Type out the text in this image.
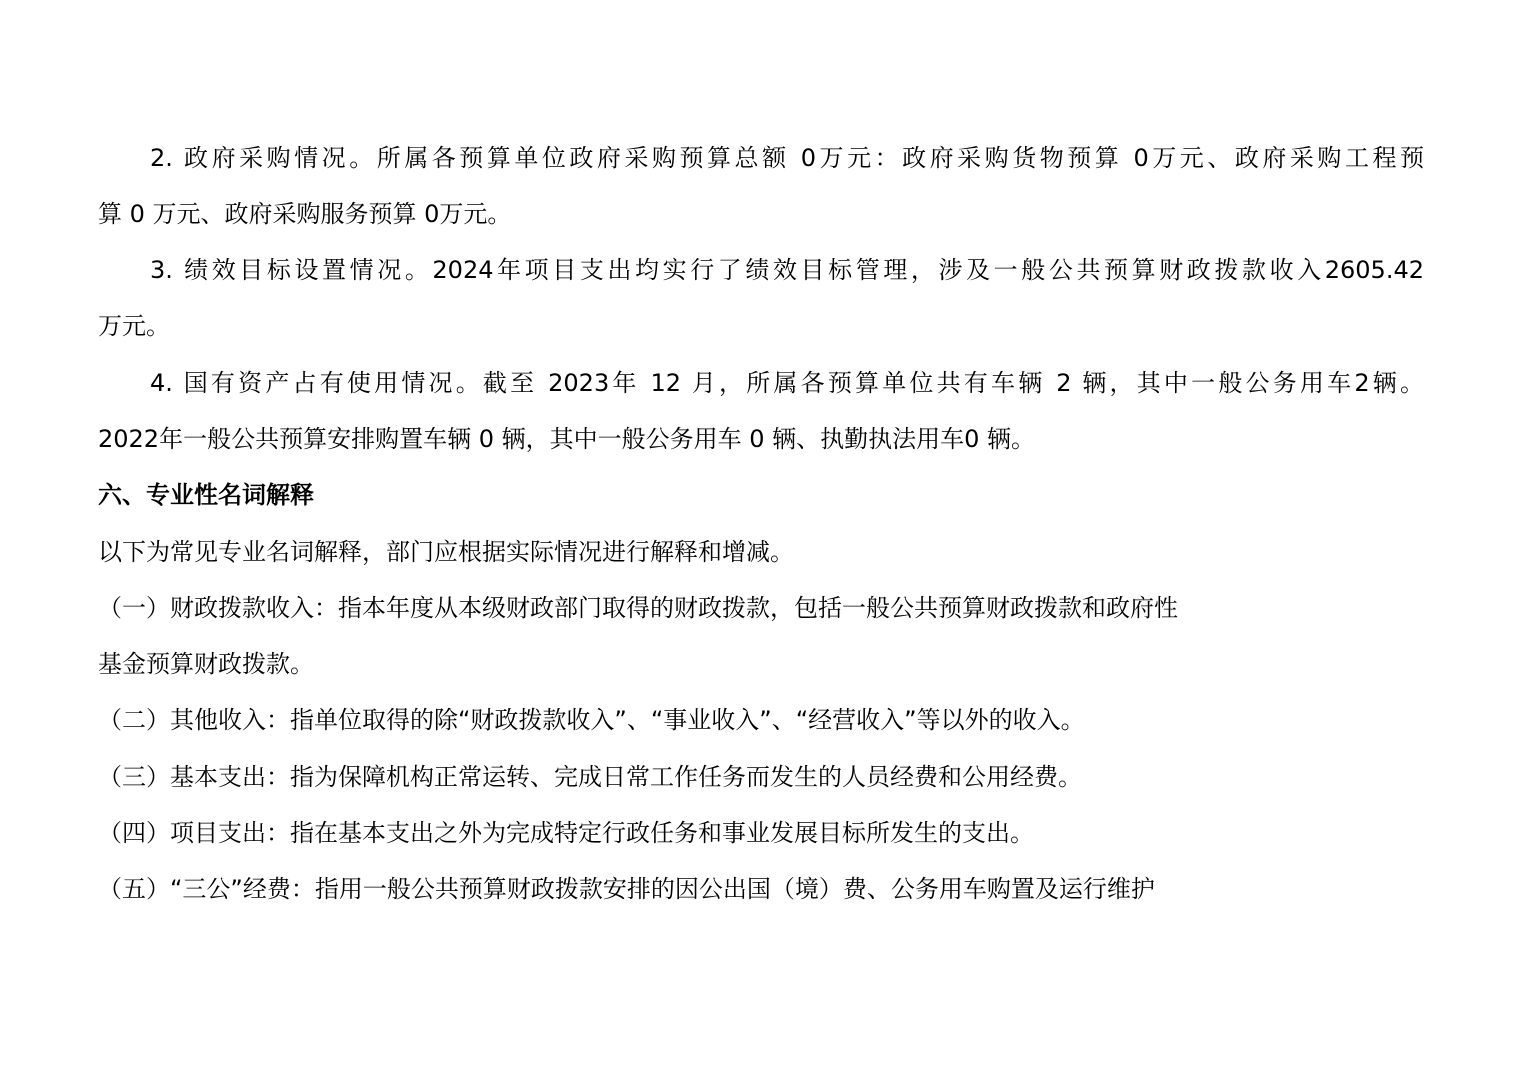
2. 政府采购情况。所属各预算单位政府采购预算总额 0万元：政府采购货物预算 0万元、政府采购工程预
算 0 万元、政府采购服务预算 0万元。
3. 绩效目标设置情况。2024年项目支出均实行了绩效目标管理，涉及一般公共预算财政拨款收入2605.42
万元。
4. 国有资产占有使用情况。截至 2023年 12 月，所属各预算单位共有车辆 2 辆，其中一般公务用车2辆。
2022年一般公共预算安排购置车辆 0 辆，其中一般公务用车 0 辆、执勤执法用车0 辆。
六、专业性名词解释
以下为常见专业名词解释，部门应根据实际情况进行解释和增减。
（一）财政拨款收入：指本年度从本级财政部门取得的财政拨款，包括一般公共预算财政拨款和政府性
基金预算财政拨款。
（二）其他收入：指单位取得的除“财政拨款收入”、“事业收入”、“经营收入”等以外的收入。
（三）基本支出：指为保障机构正常运转、完成日常工作任务而发生的人员经费和公用经费。
（四）项目支出：指在基本支出之外为完成特定行政任务和事业发展目标所发生的支出。
（五）“三公”经费：指用一般公共预算财政拨款安排的因公出国（境）费、公务用车购置及运行维护
